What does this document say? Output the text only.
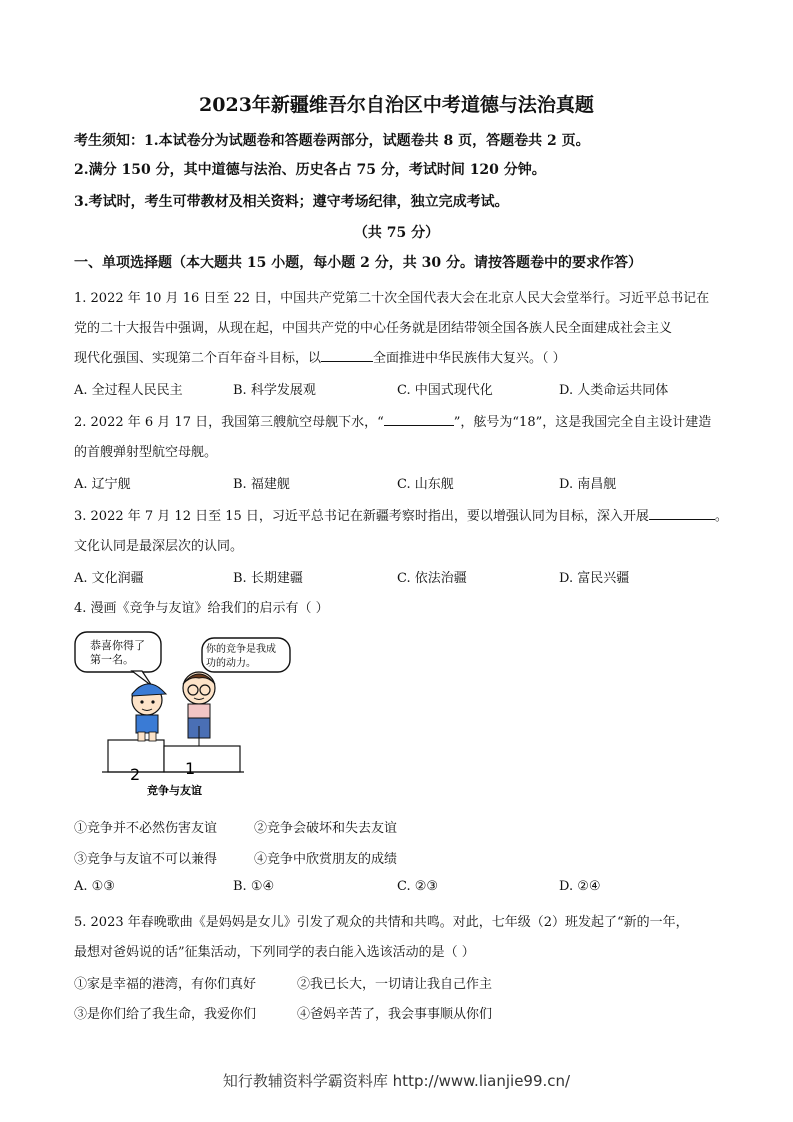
2023年新疆维吾尔自治区中考道德与法治真题
考生须知：1.本试卷分为试题卷和答题卷两部分，试题卷共 8 页，答题卷共 2 页。
2.满分 150 分，其中道德与法治、历史各占 75 分，考试时间 120 分钟。
3.考试时，考生可带教材及相关资料；遵守考场纪律，独立完成考试。
（共 75 分）
一、单项选择题（本大题共 15 小题，每小题 2 分，共 30 分。请按答题卷中的要求作答）
1. 2022 年 10 月 16 日至 22 日，中国共产党第二十次全国代表大会在北京人民大会堂举行。习近平总书记在
党的二十大报告中强调，从现在起，中国共产党的中心任务就是团结带领全国各族人民全面建成社会主义
现代化强国、实现第二个百年奋斗目标，以	全面推进中华民族伟大复兴。（ ）
A. 全过程人民民主	B. 科学发展观	C. 中国式现代化	D. 人类命运共同体
2. 2022 年 6 月 17 日，我国第三艘航空母舰下水，“	”，舷号为“18”，这是我国完全自主设计建造
的首艘弹射型航空母舰。
A. 辽宁舰	B. 福建舰	C. 山东舰	D. 南昌舰
3. 2022 年 7 月 12 日至 15 日，习近平总书记在新疆考察时指出，要以增强认同为目标，深入开展	。
文化认同是最深层次的认同。
A. 文化润疆	B. 长期建疆	C. 依法治疆	D. 富民兴疆
4. 漫画《竞争与友谊》给我们的启示有（ ）
恭喜你得了
第一名。
你的竞争是我成
功的动力。
2	1
竞争与友谊
①竞争并不必然伤害友谊	②竞争会破坏和失去友谊
③竞争与友谊不可以兼得	④竞争中欣赏朋友的成绩
A. ①③	B. ①④	C. ②③	D. ②④
5. 2023 年春晚歌曲《是妈妈是女儿》引发了观众的共情和共鸣。对此，七年级（2）班发起了“新的一年，
最想对爸妈说的话”征集活动，下列同学的表白能入选该活动的是（ ）
①家是幸福的港湾，有你们真好	②我已长大，一切请让我自己作主
③是你们给了我生命，我爱你们	④爸妈辛苦了，我会事事顺从你们
知行教辅资料学霸资料库 http://www.lianjie99.cn/
